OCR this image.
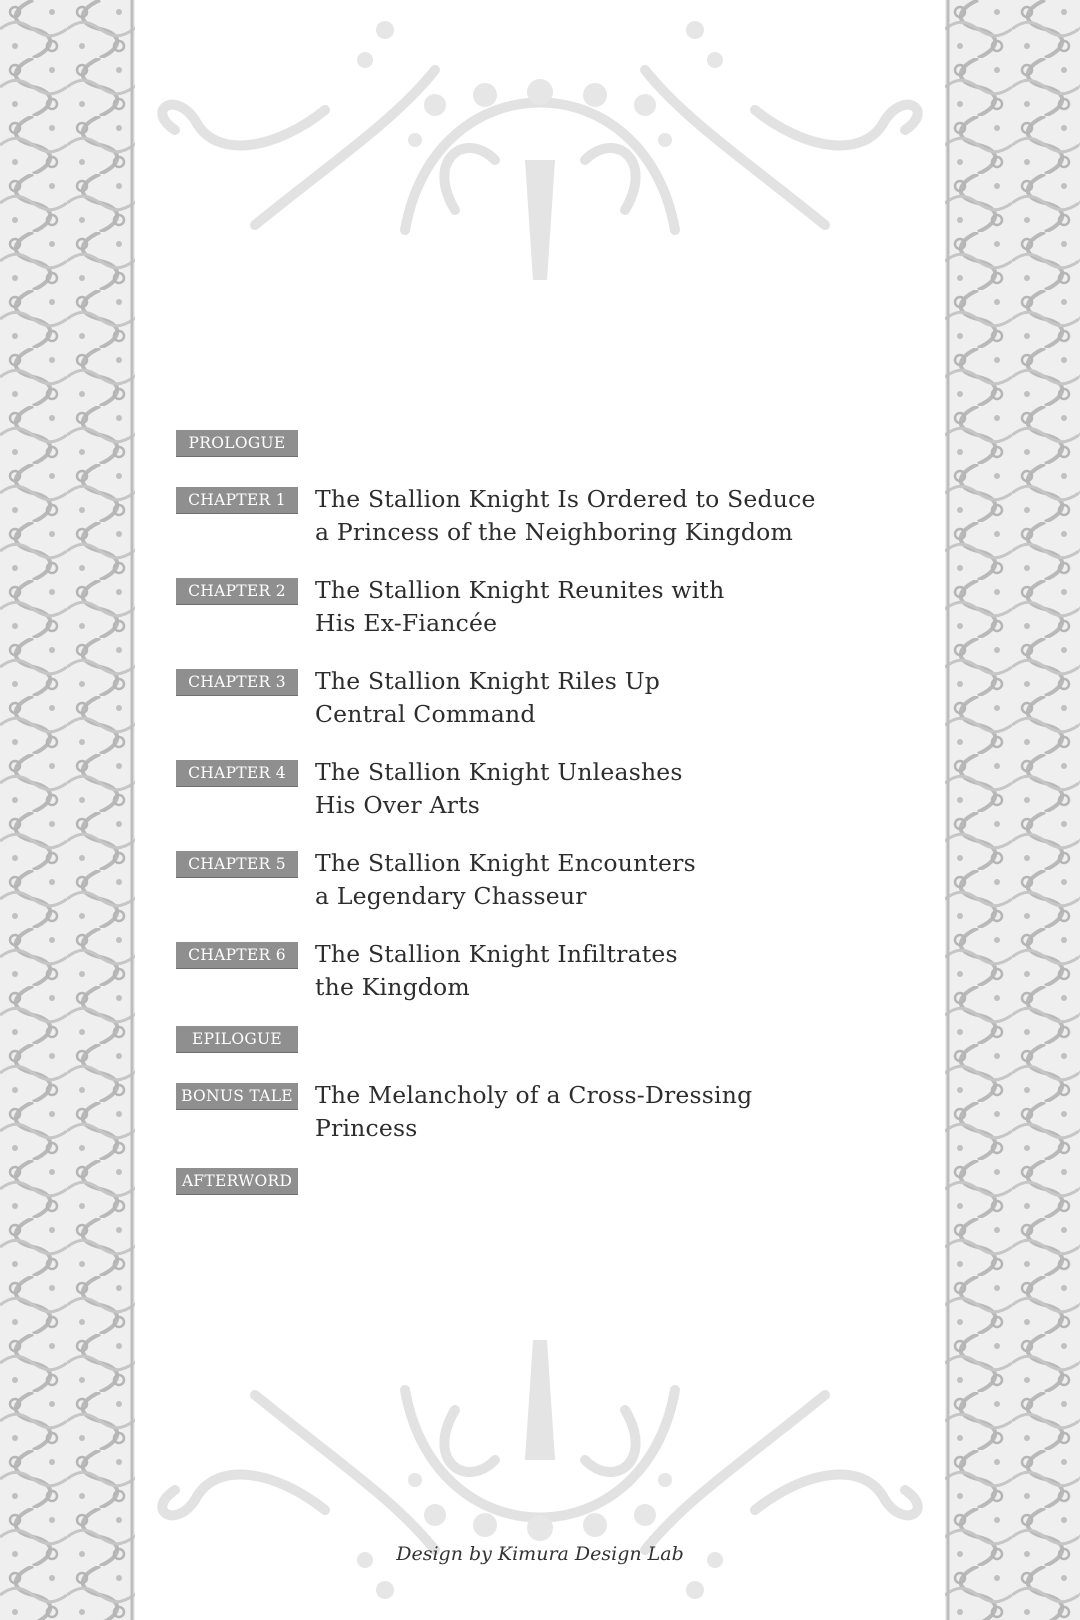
PROLOGUE
CHAPTER 1	The Stallion Knight Is Ordered to Seduce
a Princess of the Neighboring Kingdom
CHAPTER 2	The Stallion Knight Reunites with
His Ex-Fiancée
CHAPTER 3	The Stallion Knight Riles Up
Central Command
CHAPTER 4	The Stallion Knight Unleashes
His Over Arts
CHAPTER 5	The Stallion Knight Encounters
a Legendary Chasseur
CHAPTER 6	The Stallion Knight Infiltrates
the Kingdom
EPILOGUE
BONUS TALE The Melancholy of a Cross-Dressing
Princess
AFTERWORD
Design by Kimura Design Lab
